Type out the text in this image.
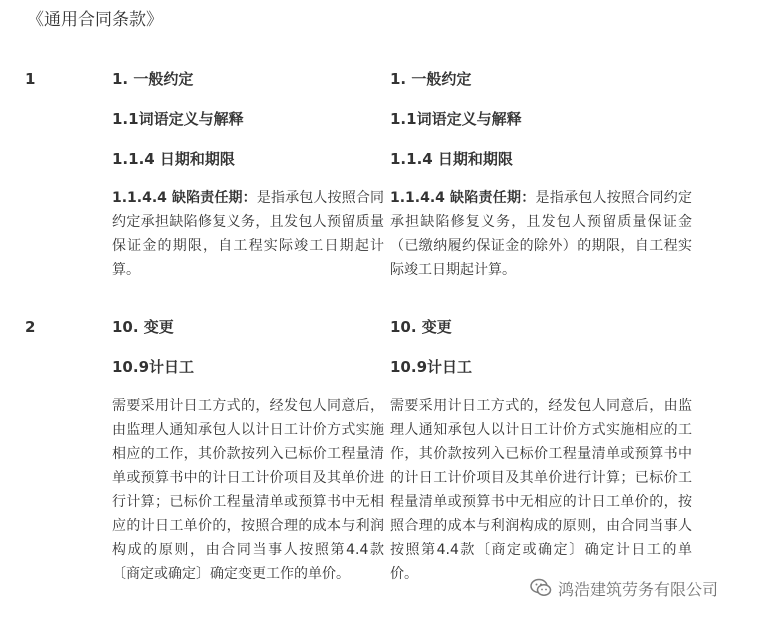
《通用合同条款》
1	1. 一般约定
1.1词语定义与解释
1.1.4 日期和期限
1.1.4.4 缺陷责任期：是指承包人按照合同约定承担缺陷修复义务，且发包人预留质量保证金的期限，自工程实际竣工日期起计算。
1. 一般约定
1.1词语定义与解释
1.1.4 日期和期限
1.1.4.4 缺陷责任期：是指承包人按照合同约定承担缺陷修复义务，且发包人预留质量保证金（已缴纳履约保证金的除外）的期限，自工程实际竣工日期起计算。
2	10. 变更
10.9计日工
需要采用计日工方式的，经发包人同意后，由监理人通知承包人以计日工计价方式实施相应的工作，其价款按列入已标价工程量清单或预算书中的计日工计价项目及其单价进行计算；已标价工程量清单或预算书中无相应的计日工单价的，按照合理的成本与利润构成的原则，由合同当事人按照第4.4款〔商定或确定〕确定变更工作的单价。
10. 变更
10.9计日工
需要采用计日工方式的，经发包人同意后，由监理人通知承包人以计日工计价方式实施相应的工作，其价款按列入已标价工程量清单或预算书中的计日工计价项目及其单价进行计算；已标价工程量清单或预算书中无相应的计日工单价的，按照合理的成本与利润构成的原则，由合同当事人按照第4.4款〔商定或确定〕确定计日工的单价。
鸿浩建筑劳务有限公司
